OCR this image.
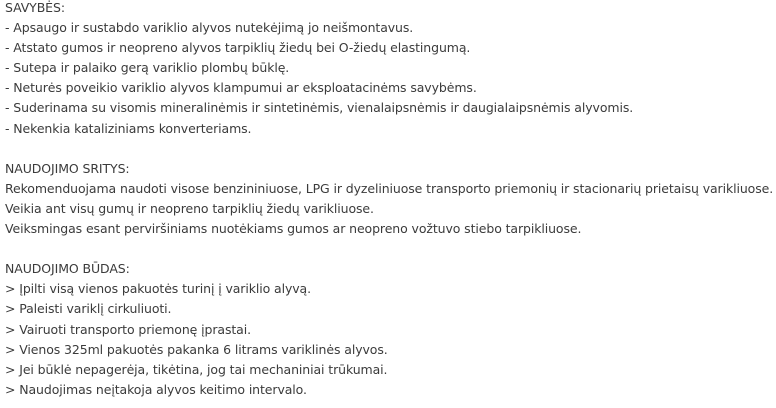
SAVYBĖS:
- Apsaugo ir sustabdo variklio alyvos nutekėjimą jo neišmontavus.
- Atstato gumos ir neopreno alyvos tarpiklių žiedų bei O-žiedų elastingumą.
- Sutepa ir palaiko gerą variklio plombų būklę.
- Neturės poveikio variklio alyvos klampumui ar eksploatacinėms savybėms.
- Suderinama su visomis mineralinėmis ir sintetinėmis, vienalaipsnėmis ir daugialaipsnėmis alyvomis.
- Nekenkia kataliziniams konverteriams.
NAUDOJIMO SRITYS:
Rekomenduojama naudoti visose benzininiuose, LPG ir dyzeliniuose transporto priemonių ir stacionarių prietaisų varikliuose.
Veikia ant visų gumų ir neopreno tarpiklių žiedų varikliuose.
Veiksmingas esant perviršiniams nuotėkiams gumos ar neopreno vožtuvo stiebo tarpikliuose.
NAUDOJIMO BŪDAS:
> Įpilti visą vienos pakuotės turinį į variklio alyvą.
> Paleisti variklį cirkuliuoti.
> Vairuoti transporto priemonę įprastai.
> Vienos 325ml pakuotės pakanka 6 litrams variklinės alyvos.
> Jei būklė nepagerėja, tikėtina, jog tai mechaniniai trūkumai.
> Naudojimas neįtakoja alyvos keitimo intervalo.
